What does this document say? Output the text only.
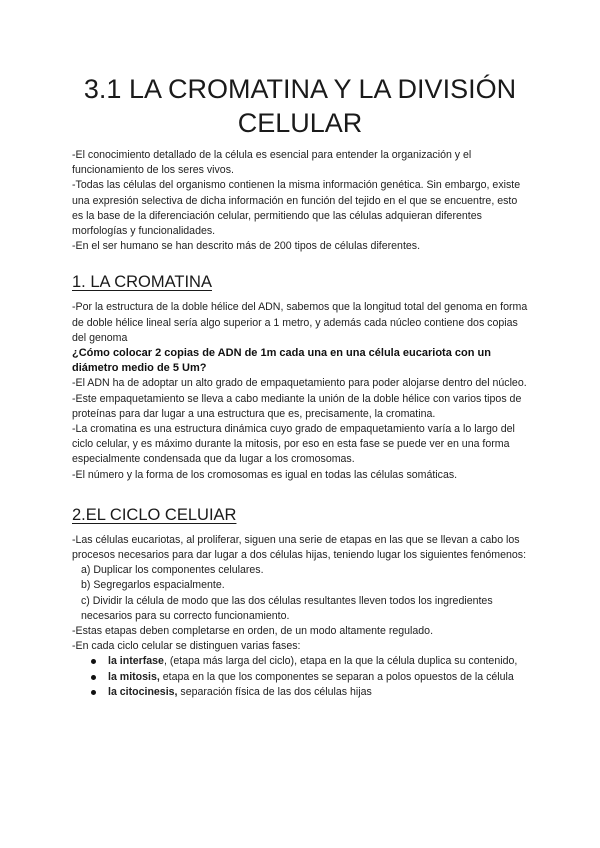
3.1 LA CROMATINA Y LA DIVISIÓN
CELULAR

-El conocimiento detallado de la célula es esencial para entender la organización y el funcionamiento de los seres vivos.

-Todas las células del organismo contienen la misma información genética. Sin embargo, existe una expresión selectiva de dicha información en función del tejido en el que se encuentre, esto es la base de la diferenciación celular, permitiendo que las células adquieran diferentes morfologías y funcionalidades.

-En el ser humano se han descrito más de 200 tipos de células diferentes.

1. LA CROMATINA

-Por la estructura de la doble hélice del ADN, sabemos que la longitud total del genoma en forma de doble hélice lineal sería algo superior a 1 metro, y además cada núcleo contiene dos copias del genoma

¿Cómo colocar 2 copias de ADN de 1m cada una en una célula eucariota con un diámetro medio de 5 Um?

-El ADN ha de adoptar un alto grado de empaquetamiento para poder alojarse dentro del núcleo.

-Este empaquetamiento se lleva a cabo mediante la unión de la doble hélice con varios tipos de proteínas para dar lugar a una estructura que es, precisamente, la cromatina.

-La cromatina es una estructura dinámica cuyo grado de empaquetamiento varía a lo largo del ciclo celular, y es máximo durante la mitosis, por eso en esta fase se puede ver en una forma especialmente condensada que da lugar a los cromosomas.

-El número y la forma de los cromosomas es igual en todas las células somáticas.

2.EL CICLO CELUIAR

-Las células eucariotas, al proliferar, siguen una serie de etapas en las que se llevan a cabo los procesos necesarios para dar lugar a dos células hijas, teniendo lugar los siguientes fenómenos:

a) Duplicar los componentes celulares.

b) Segregarlos espacialmente.

c) Dividir la célula de modo que las dos células resultantes lleven todos los ingredientes necesarios para su correcto funcionamiento.

-Estas etapas deben completarse en orden, de un modo altamente regulado.

-En cada ciclo celular se distinguen varias fases:

la interfase, (etapa más larga del ciclo), etapa en la que la célula duplica su contenido,
la mitosis, etapa en la que los componentes se separan a polos opuestos de la célula
la citocinesis, separación física de las dos células hijas
